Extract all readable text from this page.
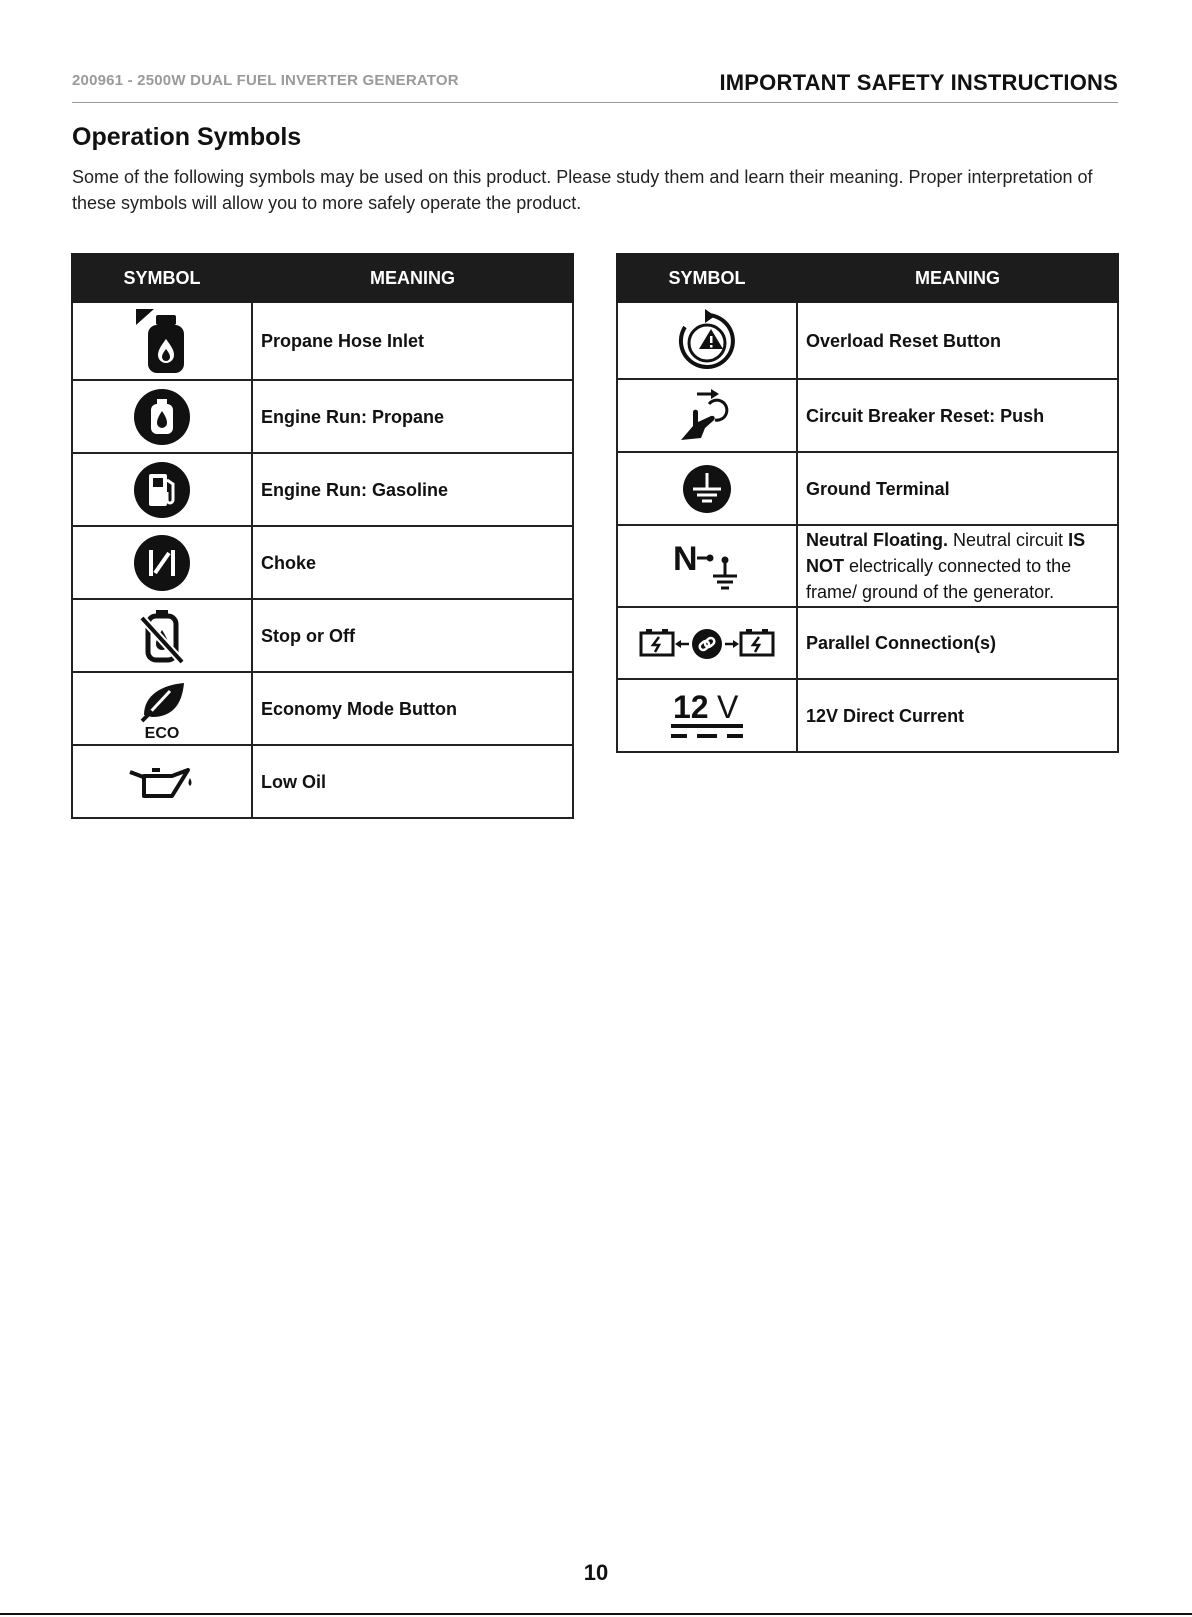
200961 - 2500W DUAL FUEL INVERTER GENERATOR	IMPORTANT SAFETY INSTRUCTIONS
Operation Symbols
Some of the following symbols may be used on this product. Please study them and learn their meaning. Proper interpretation of these symbols will allow you to more safely operate the product.
SYMBOL	MEANING

	Propane Hose Inlet

	Engine Run: Propane

	Engine Run: Gasoline

	Choke

	Stop or Off

ECO	Economy Mode Button

	Low Oil
SYMBOL	MEANING

	Overload Reset Button

	Circuit Breaker Reset: Push

	Ground Terminal

N	Neutral Floating. Neutral circuit IS NOT electrically connected to the frame/ ground of the generator.

	Parallel Connection(s)

12 V	12V Direct Current
10
